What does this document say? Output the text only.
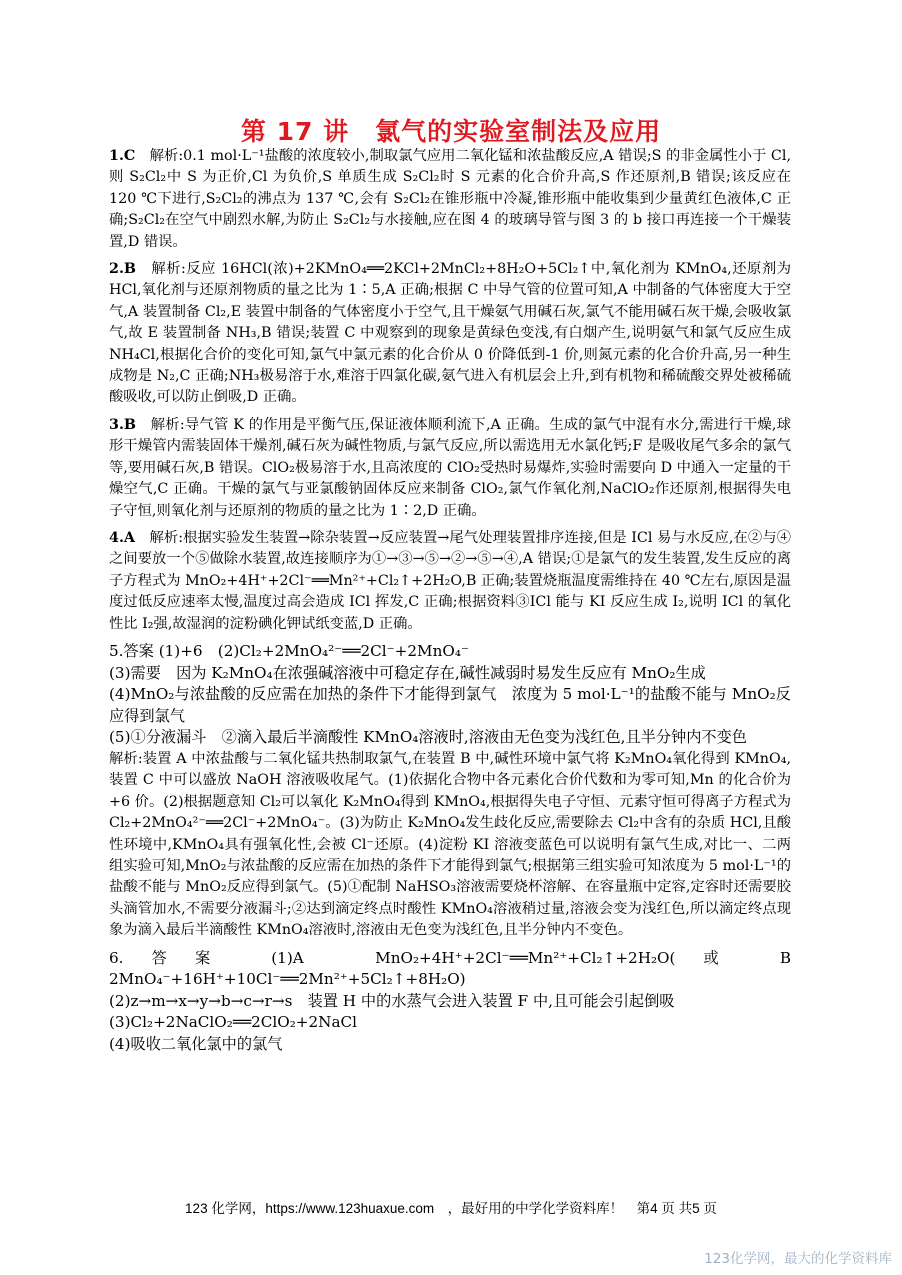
第 17 讲　氯气的实验室制法及应用

1.C　解析:0.1 mol·L⁻¹盐酸的浓度较小,制取氯气应用二氧化锰和浓盐酸反应,A 错误;S 的非金属性小于 Cl,则 S₂Cl₂中 S 为正价,Cl 为负价,S 单质生成 S₂Cl₂时 S 元素的化合价升高,S 作还原剂,B 错误;该反应在 120 ℃下进行,S₂Cl₂的沸点为 137 ℃,会有 S₂Cl₂在锥形瓶中冷凝,锥形瓶中能收集到少量黄红色液体,C 正确;S₂Cl₂在空气中剧烈水解,为防止 S₂Cl₂与水接触,应在图 4 的玻璃导管与图 3 的 b 接口再连接一个干燥装置,D 错误。

2.B　解析:反应 16HCl(浓)+2KMnO₄══2KCl+2MnCl₂+8H₂O+5Cl₂↑中,氧化剂为 KMnO₄,还原剂为 HCl,氧化剂与还原剂物质的量之比为 1∶5,A 正确;根据 C 中导气管的位置可知,A 中制备的气体密度大于空气,A 装置制备 Cl₂,E 装置中制备的气体密度小于空气,且干燥氨气用碱石灰,氯气不能用碱石灰干燥,会吸收氯气,故 E 装置制备 NH₃,B 错误;装置 C 中观察到的现象是黄绿色变浅,有白烟产生,说明氨气和氯气反应生成 NH₄Cl,根据化合价的变化可知,氯气中氯元素的化合价从 0 价降低到-1 价,则氮元素的化合价升高,另一种生成物是 N₂,C 正确;NH₃极易溶于水,难溶于四氯化碳,氨气进入有机层会上升,到有机物和稀硫酸交界处被稀硫酸吸收,可以防止倒吸,D 正确。

3.B　解析:导气管 K 的作用是平衡气压,保证液体顺利流下,A 正确。生成的氯气中混有水分,需进行干燥,球形干燥管内需装固体干燥剂,碱石灰为碱性物质,与氯气反应,所以需选用无水氯化钙;F 是吸收尾气多余的氯气等,要用碱石灰,B 错误。ClO₂极易溶于水,且高浓度的 ClO₂受热时易爆炸,实验时需要向 D 中通入一定量的干燥空气,C 正确。干燥的氯气与亚氯酸钠固体反应来制备 ClO₂,氯气作氧化剂,NaClO₂作还原剂,根据得失电子守恒,则氧化剂与还原剂的物质的量之比为 1∶2,D 正确。

4.A　解析:根据实验发生装置→除杂装置→反应装置→尾气处理装置排序连接,但是 ICl 易与水反应,在②与④之间要放一个⑤做除水装置,故连接顺序为①→③→⑤→②→⑤→④,A 错误;①是氯气的发生装置,发生反应的离子方程式为 MnO₂+4H⁺+2Cl⁻══Mn²⁺+Cl₂↑+2H₂O,B 正确;装置烧瓶温度需维持在 40 ℃左右,原因是温度过低反应速率太慢,温度过高会造成 ICl 挥发,C 正确;根据资料③ICl 能与 KI 反应生成 I₂,说明 ICl 的氧化性比 I₂强,故湿润的淀粉碘化钾试纸变蓝,D 正确。

5.答案 (1)+6　(2)Cl₂+2MnO₄²⁻══2Cl⁻+2MnO₄⁻

(3)需要　因为 K₂MnO₄在浓强碱溶液中可稳定存在,碱性减弱时易发生反应有 MnO₂生成

(4)MnO₂与浓盐酸的反应需在加热的条件下才能得到氯气　浓度为 5 mol·L⁻¹的盐酸不能与 MnO₂反应得到氯气

(5)①分液漏斗　②滴入最后半滴酸性 KMnO₄溶液时,溶液由无色变为浅红色,且半分钟内不变色

解析:装置 A 中浓盐酸与二氧化锰共热制取氯气,在装置 B 中,碱性环境中氯气将 K₂MnO₄氧化得到 KMnO₄,装置 C 中可以盛放 NaOH 溶液吸收尾气。(1)依据化合物中各元素化合价代数和为零可知,Mn 的化合价为+6 价。(2)根据题意知 Cl₂可以氧化 K₂MnO₄得到 KMnO₄,根据得失电子守恒、元素守恒可得离子方程式为 Cl₂+2MnO₄²⁻══2Cl⁻+2MnO₄⁻。(3)为防止 K₂MnO₄发生歧化反应,需要除去 Cl₂中含有的杂质 HCl,且酸性环境中,KMnO₄具有强氧化性,会被 Cl⁻还原。(4)淀粉 KI 溶液变蓝色可以说明有氯气生成,对比一、二两组实验可知,MnO₂与浓盐酸的反应需在加热的条件下才能得到氯气;根据第三组实验可知浓度为 5 mol·L⁻¹的盐酸不能与 MnO₂反应得到氯气。(5)①配制 NaHSO₃溶液需要烧杯溶解、在容量瓶中定容,定容时还需要胶头滴管加水,不需要分液漏斗;②达到滴定终点时酸性 KMnO₄溶液稍过量,溶液会变为浅红色,所以滴定终点现象为滴入最后半滴酸性 KMnO₄溶液时,溶液由无色变为浅红色,且半分钟内不变色。

6.答案 (1)A　MnO₂+4H⁺+2Cl⁻══Mn²⁺+Cl₂↑+2H₂O(或 B　2MnO₄⁻+16H⁺+10Cl⁻══2Mn²⁺+5Cl₂↑+8H₂O)

(2)z→m→x→y→b→c→r→s　装置 H 中的水蒸气会进入装置 F 中,且可能会引起倒吸

(3)Cl₂+2NaClO₂══2ClO₂+2NaCl

(4)吸收二氧化氯中的氯气

123 化学网，https://www.123huaxue.com　，最好用的中学化学资料库！　第4 页 共5 页
123化学网，最大的化学资料库
